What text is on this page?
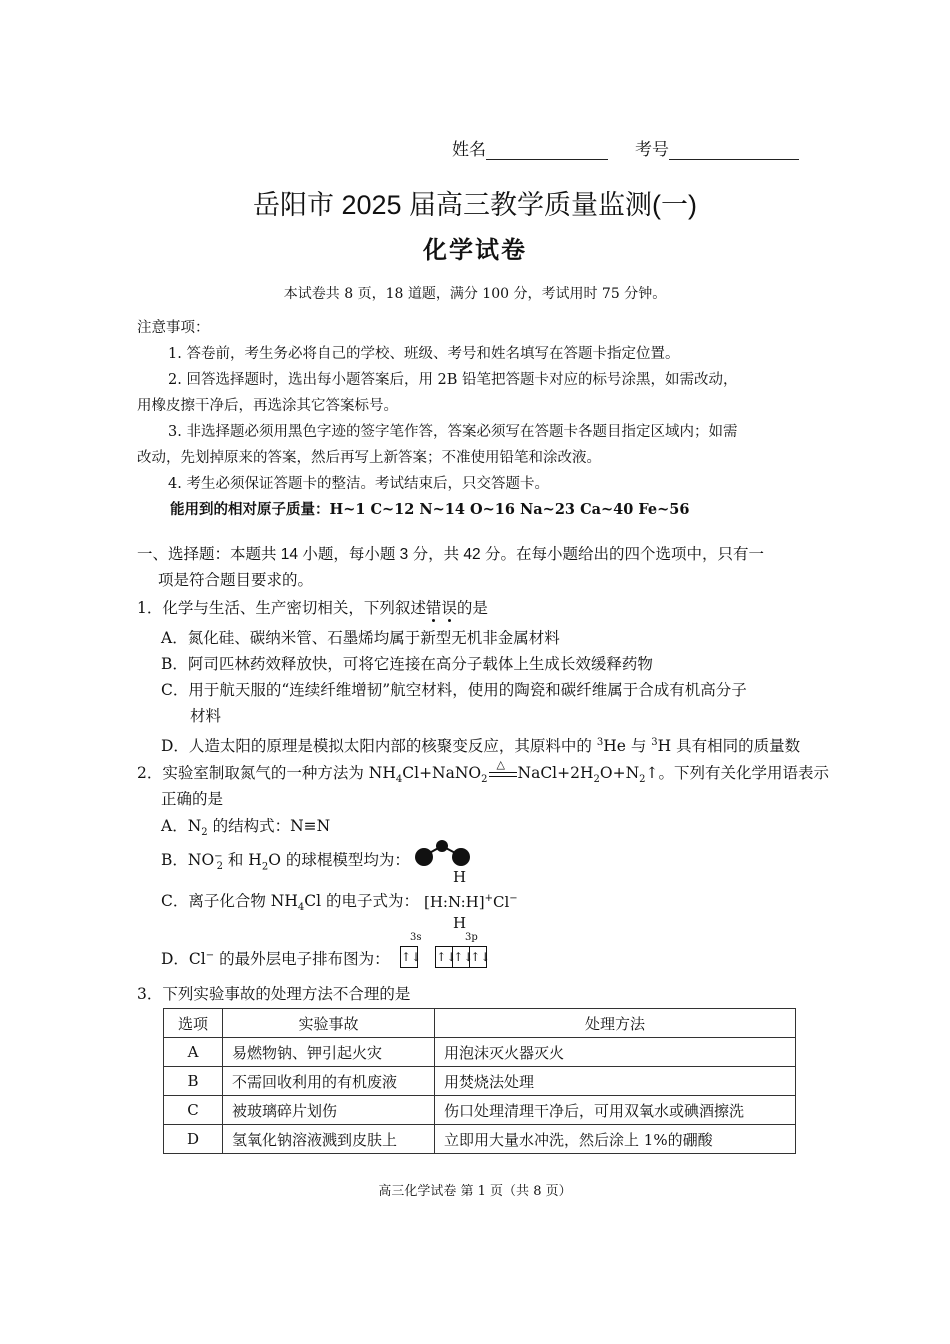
姓名	考号
岳阳市 2025 届高三教学质量监测(一)
化学试卷
本试卷共 8 页，18 道题，满分 100 分，考试用时 75 分钟。
注意事项：
1. 答卷前，考生务必将自己的学校、班级、考号和姓名填写在答题卡指定位置。
2. 回答选择题时，选出每小题答案后，用 2B 铅笔把答题卡对应的标号涂黑，如需改动，
用橡皮擦干净后，再选涂其它答案标号。
3. 非选择题必须用黑色字迹的签字笔作答，答案必须写在答题卡各题目指定区域内；如需
改动，先划掉原来的答案，然后再写上新答案；不准使用铅笔和涂改液。
4. 考生必须保证答题卡的整洁。考试结束后，只交答题卡。
能用到的相对原子质量：H~1 C~12 N~14 O~16 Na~23 Ca~40 Fe~56
一、选择题：本题共 14 小题，每小题 3 分，共 42 分。在每小题给出的四个选项中，只有一
项是符合题目要求的。
1．化学与生活、生产密切相关，下列叙述错误的是
A．氮化硅、碳纳米管、石墨烯均属于新型无机非金属材料
B．阿司匹林药效释放快，可将它连接在高分子载体上生成长效缓释药物
C．用于航天服的“连续纤维增韧”航空材料，使用的陶瓷和碳纤维属于合成有机高分子
材料
D．人造太阳的原理是模拟太阳内部的核聚变反应，其原料中的 $^3$He 与 $^3$H 具有相同的质量数
2．实验室制取氮气的一种方法为 $NH_4Cl+NaNO_2$
△ $NaCl+2H_2O+N_2↑$。下列有关化学用语表示
正确的是
A．$N_2$ 的结构式：N≡N
B．$NO^-_2$ 和 $H_2O$ 的球棍模型均为：
C．离子化合物 $NH_4Cl$ 的电子式为：
H
[H:N:H]+Cl−
H
D．Cl− 的最外层电子排布图为：
3s	3p
↑↓ ↑↓↑↓↑↓
3．下列实验事故的处理方法不合理的是
选项	实验事故	处理方法
A	易燃物钠、钾引起火灾	用泡沫灭火器灭火
B	不需回收利用的有机废液	用焚烧法处理
C	被玻璃碎片划伤	伤口处理清理干净后，可用双氧水或碘酒擦洗
D	氢氧化钠溶液溅到皮肤上	立即用大量水冲洗，然后涂上 1%的硼酸
高三化学试卷 第 1 页（共 8 页）
